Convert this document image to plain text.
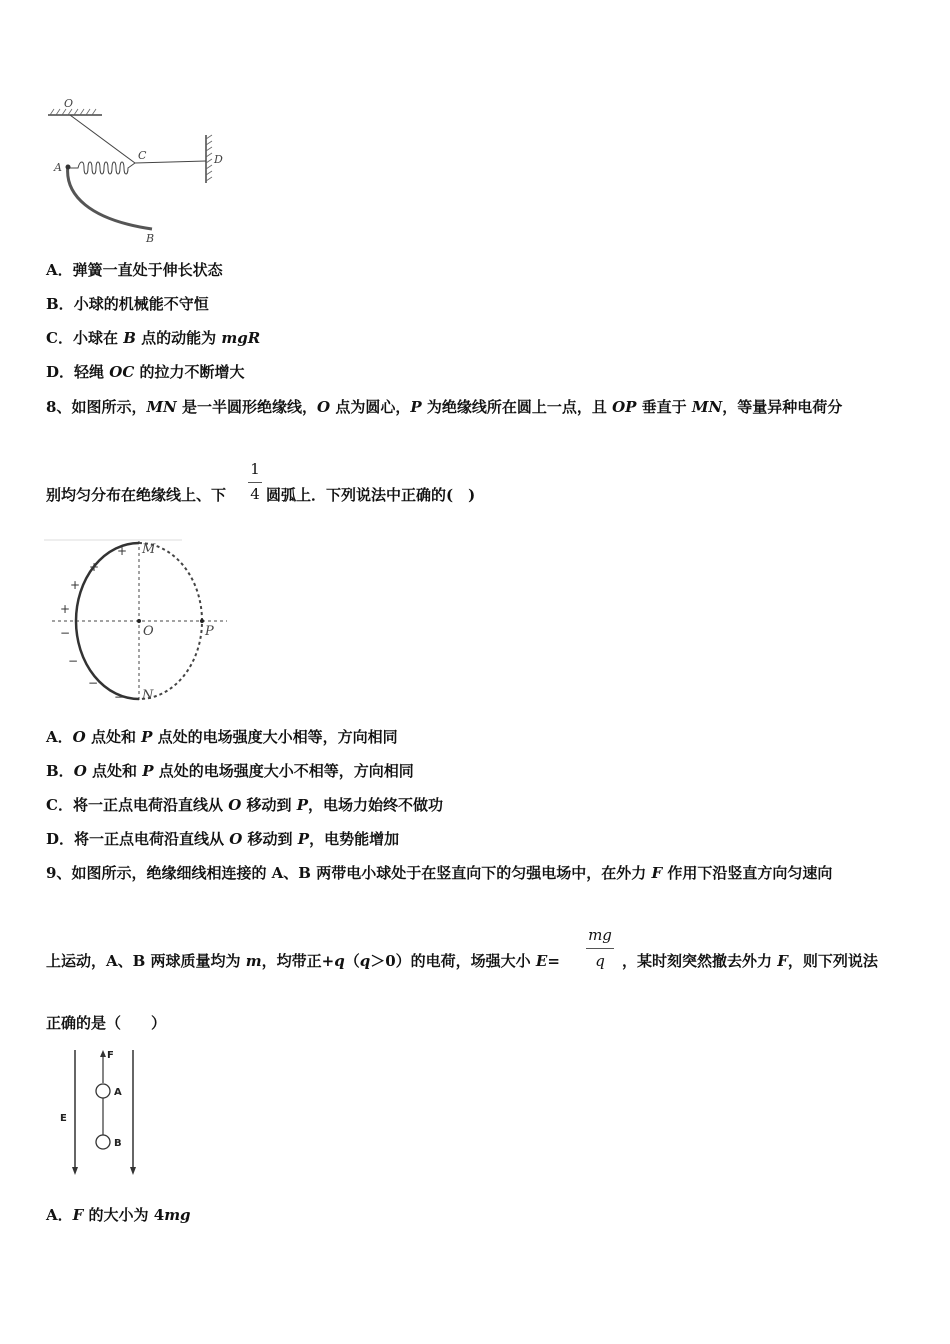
O
D
C
A
B
A．弹簧一直处于伸长状态
B．小球的机械能不守恒
C．小球在 B 点的动能为 mgR
D．轻绳 OC 的拉力不断增大
8、如图所示，MN 是一半圆形绝缘线，O 点为圆心，P 为绝缘线所在圆上一点，且 OP 垂直于 MN，等量异种电荷分
别均匀分布在绝缘线上、下
1
4 圆弧上．下列说法中正确的(　)
M
N
O	P
+
+
+
+
−
−
−
−
A．O 点处和 P 点处的电场强度大小相等，方向相同
B．O 点处和 P 点处的电场强度大小不相等，方向相同
C．将一正点电荷沿直线从 O 移动到 P，电场力始终不做功
D．将一正点电荷沿直线从 O 移动到 P，电势能增加
9、如图所示，绝缘细线相连接的 A、B 两带电小球处于在竖直向下的匀强电场中，在外力 F 作用下沿竖直方向匀速向
上运动，A、B 两球质量均为 m，均带正+q（q＞0）的电荷，场强大小 E=
mg
q	，某时刻突然撤去外力 F，则下列说法
正确的是（　　）
E
F
A
B
A．F 的大小为 4mg
